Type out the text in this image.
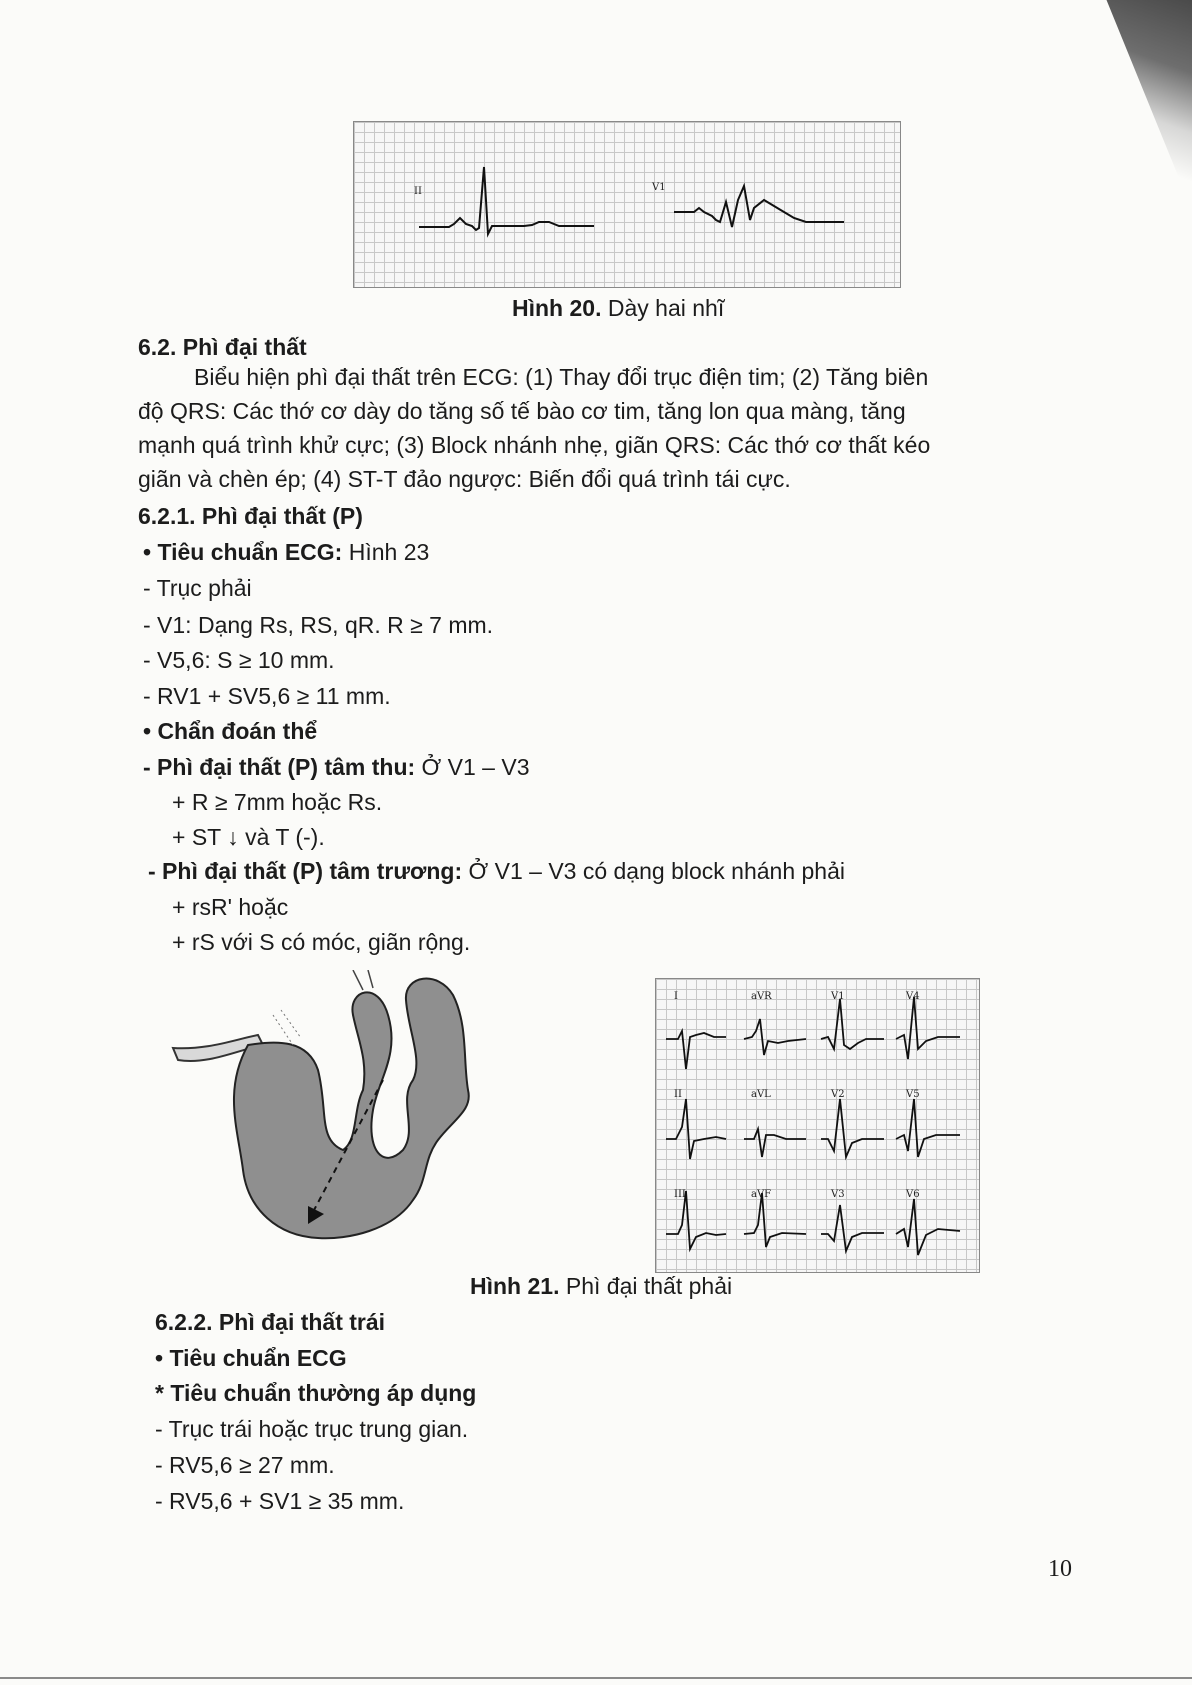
II	V1
Hình 20. Dày hai nhĩ
6.2. Phì đại thất
Biểu hiện phì đại thất trên ECG: (1) Thay đổi trục điện tim; (2) Tăng biên
độ QRS: Các thớ cơ dày do tăng số tế bào cơ tim, tăng lon qua màng, tăng
mạnh quá trình khử cực; (3) Block nhánh nhẹ, giãn QRS: Các thớ cơ thất kéo
giãn và chèn ép; (4) ST-T đảo ngược: Biến đổi quá trình tái cực.
6.2.1. Phì đại thất (P)
• Tiêu chuẩn ECG: Hình 23
- Trục phải
- V1: Dạng Rs, RS, qR. R ≥ 7 mm.
- V5,6: S ≥ 10 mm.
- RV1 + SV5,6 ≥ 11 mm.
• Chẩn đoán thể
- Phì đại thất (P) tâm thu: Ở V1 – V3
+ R ≥ 7mm hoặc Rs.
+ ST ↓ và T (-).
- Phì đại thất (P) tâm trương: Ở V1 – V3 có dạng block nhánh phải
+ rsR' hoặc
+ rS với S có móc, giãn rộng.
I	aVR	V1	V4
II	aVL	V2	V5
III	aVF	V3	V6
Hình 21. Phì đại thất phải
6.2.2. Phì đại thất trái
• Tiêu chuẩn ECG
* Tiêu chuẩn thường áp dụng
- Trục trái hoặc trục trung gian.
- RV5,6 ≥ 27 mm.
- RV5,6 + SV1 ≥ 35 mm.
10
